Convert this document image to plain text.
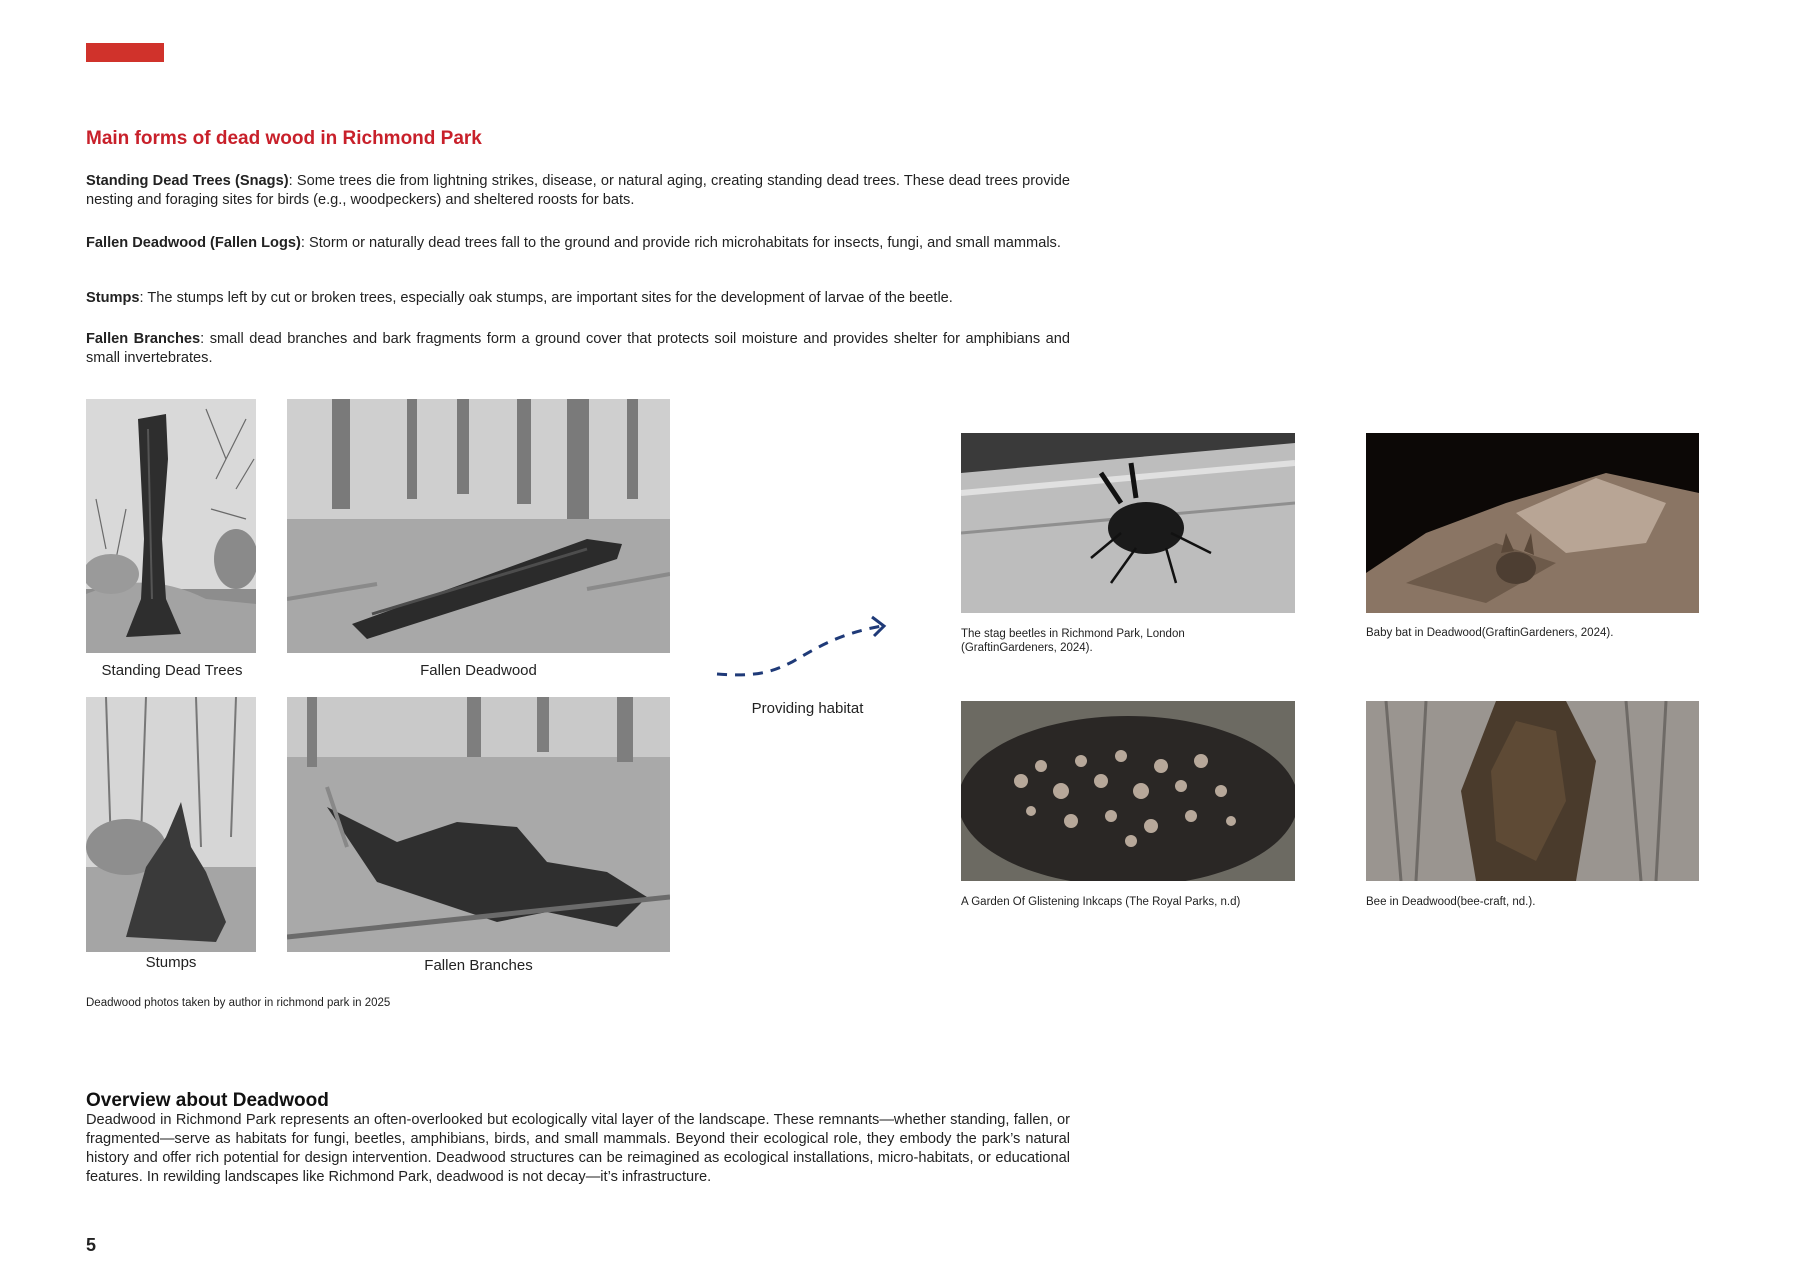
Main forms of dead wood in Richmond Park
Standing Dead Trees (Snags): Some trees die from lightning strikes, disease, or natural aging, creating standing dead trees. These dead trees provide nesting and foraging sites for birds (e.g., woodpeckers) and sheltered roosts for bats.
Fallen Deadwood (Fallen Logs): Storm or naturally dead trees fall to the ground and provide rich microhabitats for insects, fungi, and small mammals.
Stumps: The stumps left by cut or broken trees, especially oak stumps, are important sites for the development of larvae of the beetle.
Fallen Branches: small dead branches and bark fragments form a ground cover that protects soil moisture and provides shelter for amphibians and small invertebrates.
Standing Dead Trees	Fallen Deadwood
Stumps	Fallen Branches
Deadwood photos taken by author in richmond park in 2025
Providing habitat
The stag beetles in Richmond Park, London (GraftinGardeners, 2024).
Baby bat in Deadwood(GraftinGardeners, 2024).
A Garden Of Glistening Inkcaps (The Royal Parks, n.d)	Bee in Deadwood(bee-craft, nd.).
Overview about Deadwood
Deadwood in Richmond Park represents an often-overlooked but ecologically vital layer of the landscape. These remnants—whether standing, fallen, or fragmented—serve as habitats for fungi, beetles, amphibians, birds, and small mammals. Beyond their ecological role, they embody the park’s natural history and offer rich potential for design intervention. Deadwood structures can be reimagined as ecological installations, micro-habitats, or educational features. In rewilding landscapes like Richmond Park, deadwood is not decay—it’s infrastructure.
5
